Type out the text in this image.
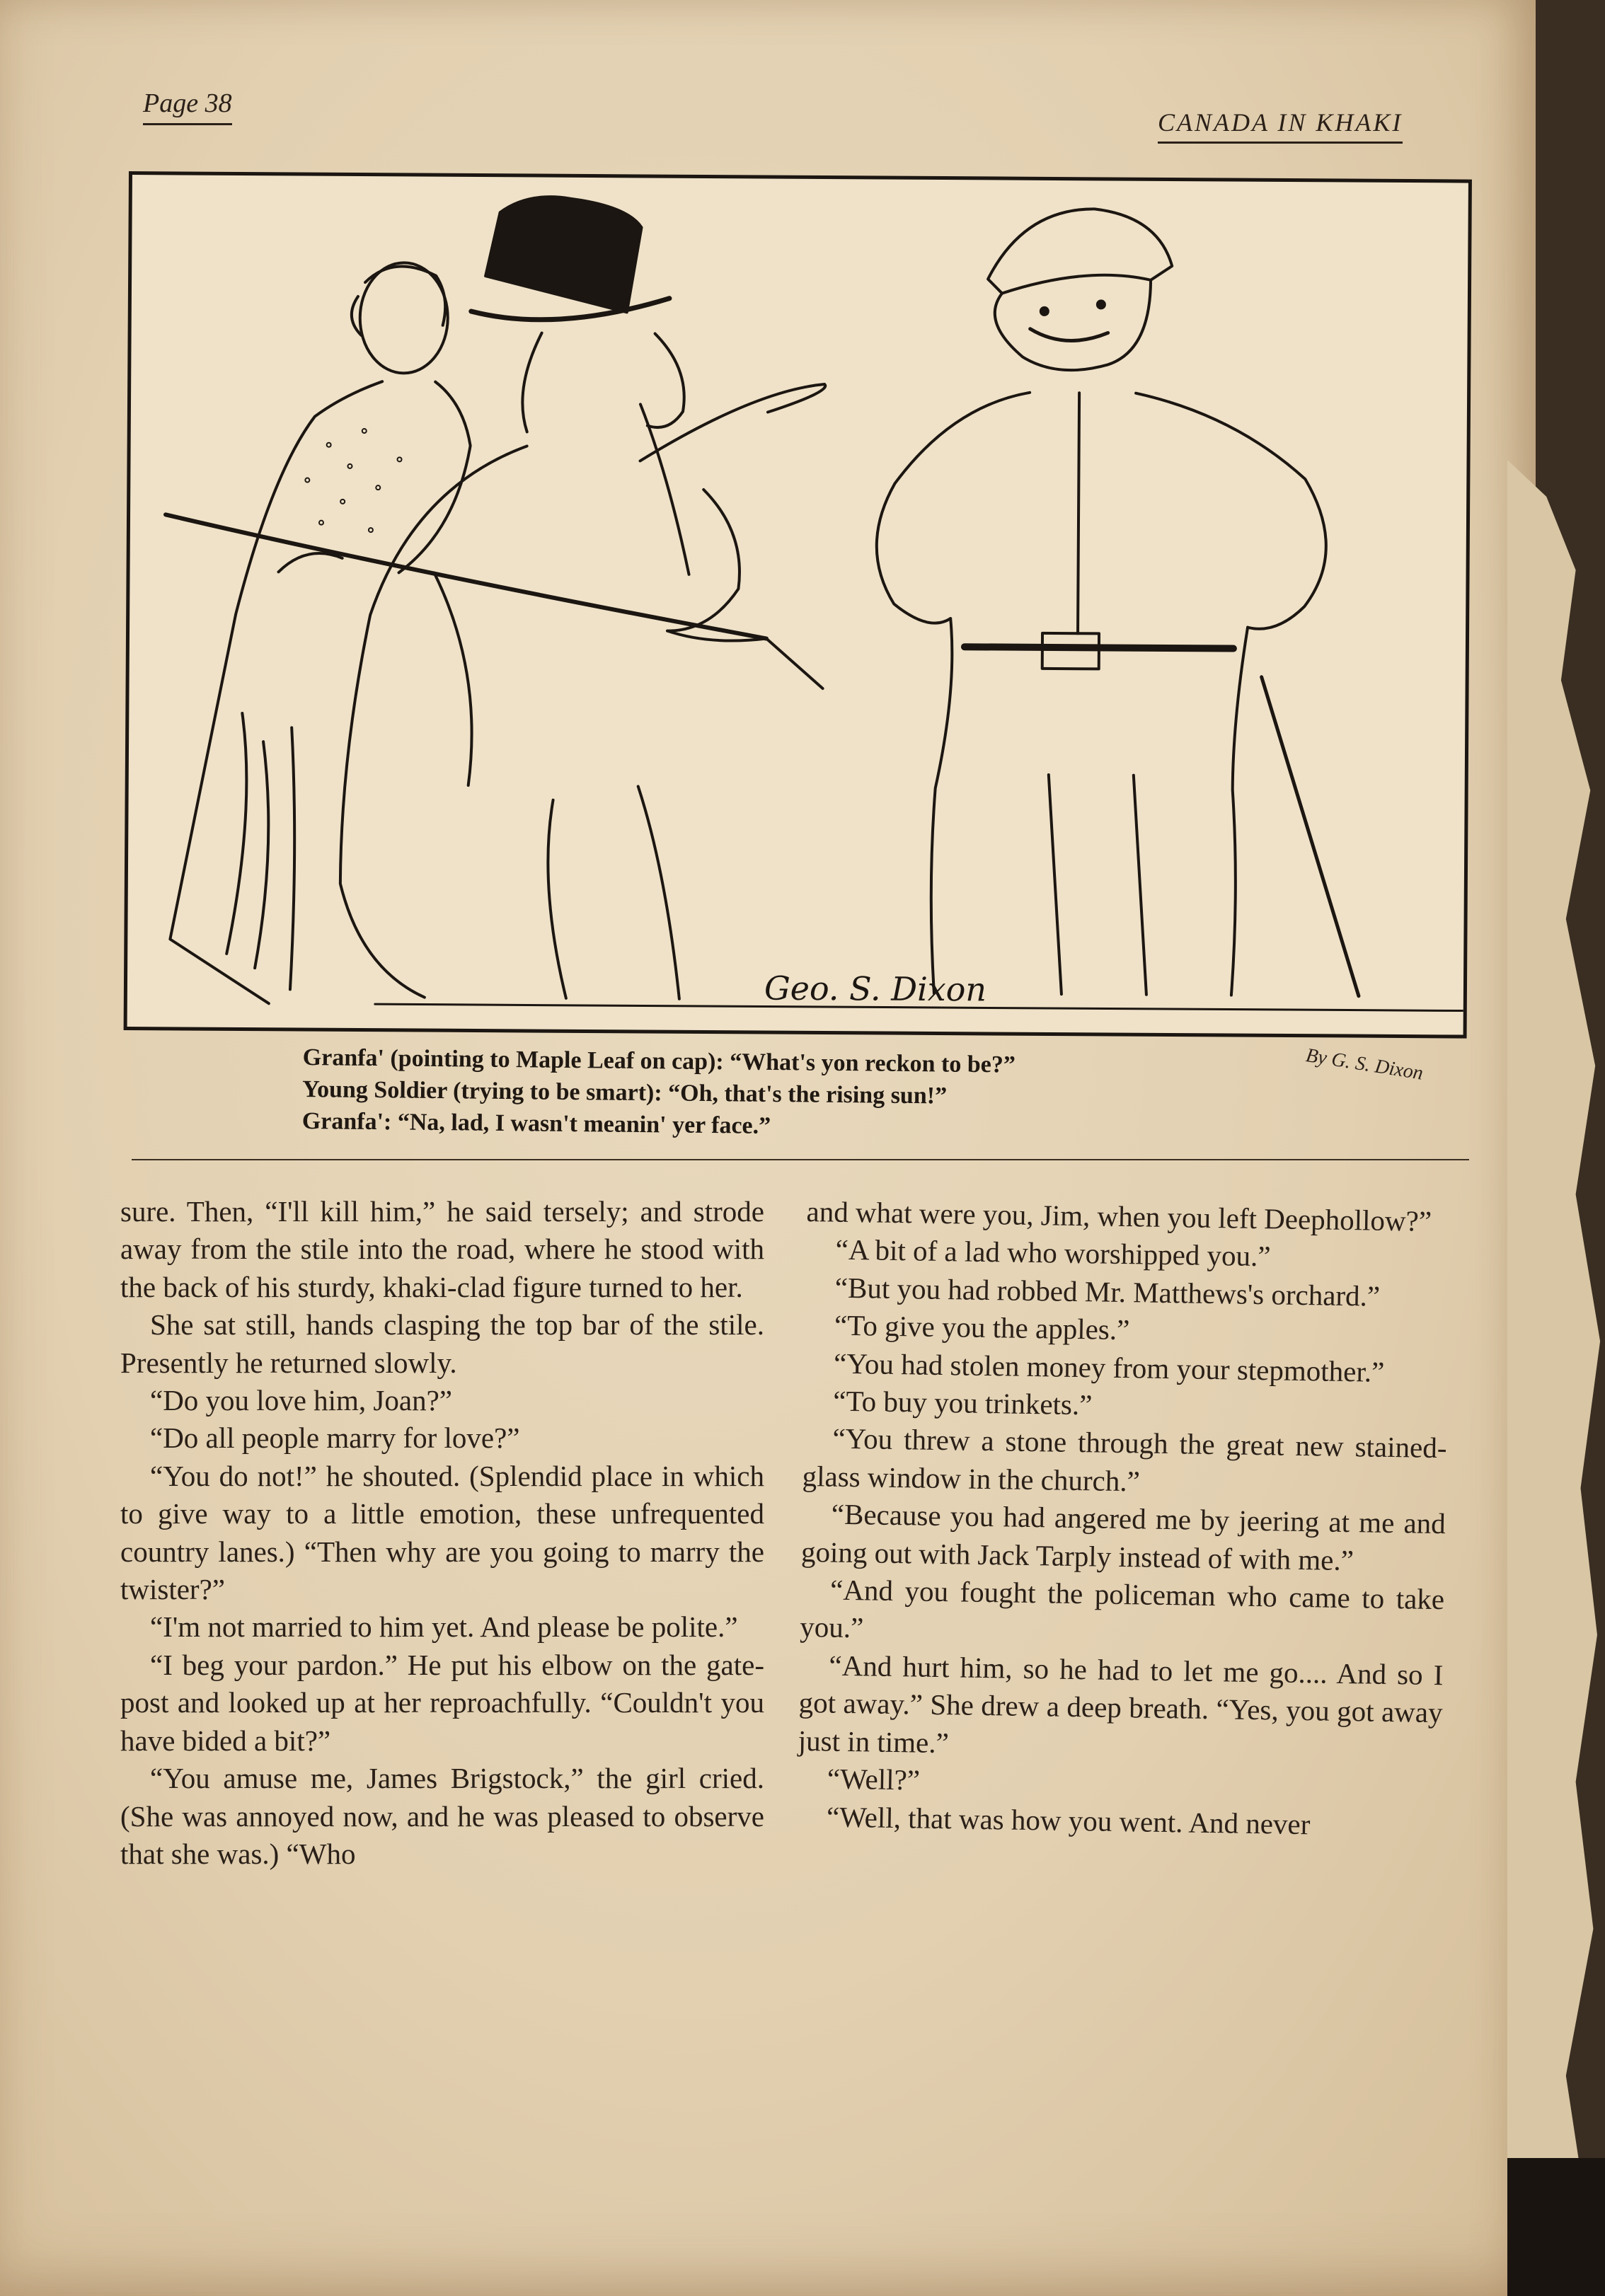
Page 38
CANADA IN KHAKI
Geo. S. Dixon
By G. S. Dixon
Granfa' (pointing to Maple Leaf on cap): “What's yon reckon to be?”
Young Soldier (trying to be smart): “Oh, that's the rising sun!”
Granfa': “Na, lad, I wasn't meanin' yer face.”

sure. Then, “I'll kill him,” he said tersely; and strode away from the stile into the road, where he stood with the back of his sturdy, khaki-clad figure turned to her.

She sat still, hands clasping the top bar of the stile. Presently he returned slowly.

“Do you love him, Joan?”

“Do all people marry for love?”

“You do not!” he shouted. (Splendid place in which to give way to a little emotion, these unfrequented country lanes.) “Then why are you going to marry the twister?”

“I'm not married to him yet. And please be polite.”

“I beg your pardon.” He put his elbow on the gate-post and looked up at her reproachfully. “Couldn't you have bided a bit?”

“You amuse me, James Brigstock,” the girl cried. (She was annoyed now, and he was pleased to observe that she was.) “Who

and what were you, Jim, when you left Deephollow?”

“A bit of a lad who worshipped you.”

“But you had robbed Mr. Matthews's orchard.”

“To give you the apples.”

“You had stolen money from your stepmother.”

“To buy you trinkets.”

“You threw a stone through the great new stained-glass window in the church.”

“Because you had angered me by jeering at me and going out with Jack Tarply instead of with me.”

“And you fought the policeman who came to take you.”

“And hurt him, so he had to let me go.... And so I got away.” She drew a deep breath. “Yes, you got away just in time.”

“Well?”

“Well, that was how you went. And never
